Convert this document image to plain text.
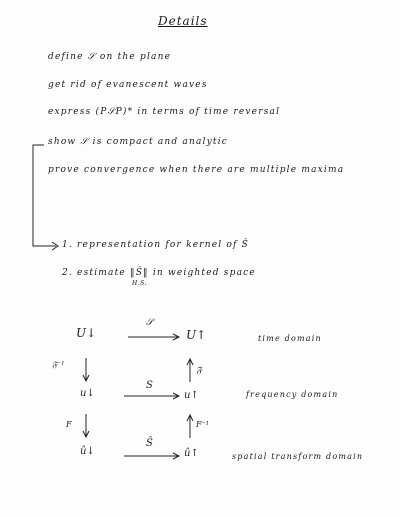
Details
define 𝒮 on the plane
get rid of evanescent waves
express (P𝒮P)* in terms of time reversal
show 𝒮 is compact and analytic
prove convergence when there are multiple maxima
1. representation for kernel of Ŝ
2. estimate ‖Ŝ‖ in weighted space
H.S.
U↓
𝒮
U↑	time domain
𝔉⁻¹
𝔉
u↓
S
u↑	frequency domain
F	F⁻¹
û↓
Ŝ
û↑	spatial transform domain
